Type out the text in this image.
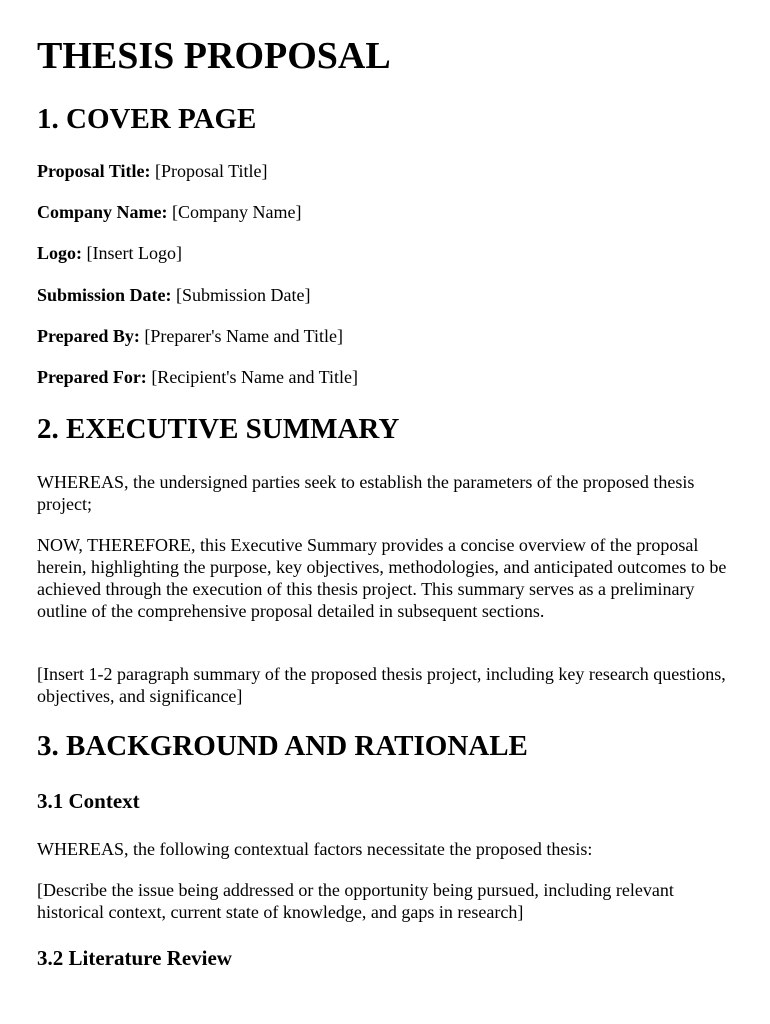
THESIS PROPOSAL
1. COVER PAGE
Proposal Title: [Proposal Title]
Company Name: [Company Name]
Logo: [Insert Logo]
Submission Date: [Submission Date]
Prepared By: [Preparer's Name and Title]
Prepared For: [Recipient's Name and Title]
2. EXECUTIVE SUMMARY

WHEREAS, the undersigned parties seek to establish the parameters of the proposed thesis project;

NOW, THEREFORE, this Executive Summary provides a concise overview of the proposal herein, highlighting the purpose, key objectives, methodologies, and anticipated outcomes to be achieved through the execution of this thesis project. This summary serves as a preliminary outline of the comprehensive proposal detailed in subsequent sections.

[Insert 1-2 paragraph summary of the proposed thesis project, including key research questions, objectives, and significance]

3. BACKGROUND AND RATIONALE
3.1 Context

WHEREAS, the following contextual factors necessitate the proposed thesis:

[Describe the issue being addressed or the opportunity being pursued, including relevant historical context, current state of knowledge, and gaps in research]

3.2 Literature Review
